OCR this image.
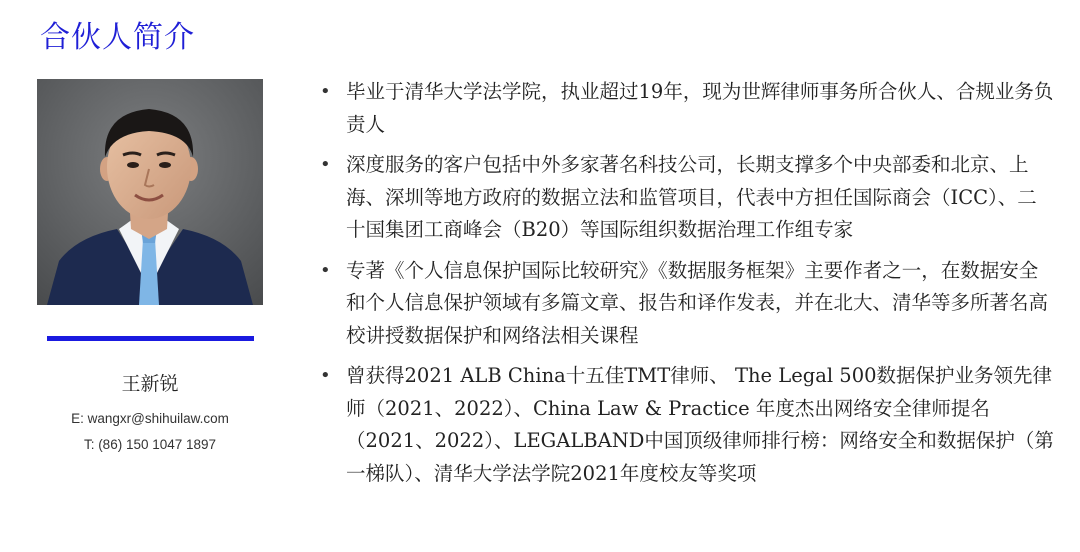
合伙人简介
王新锐
E: wangxr@shihuilaw.com
T: (86) 150 1047 1897
• 毕业于清华大学法学院，执业超过19年，现为世辉律师事务所合伙人、合规业务负责人
• 深度服务的客户包括中外多家著名科技公司，长期支撑多个中央部委和北京、上海、深圳等地方政府的数据立法和监管项目，代表中方担任国际商会（ICC）、二十国集团工商峰会（B20）等国际组织数据治理工作组专家
• 专著《个人信息保护国际比较研究》《数据服务框架》主要作者之一，在数据安全和个人信息保护领域有多篇文章、报告和译作发表，并在北大、清华等多所著名高校讲授数据保护和网络法相关课程
• 曾获得2021 ALB China十五佳TMT律师、 The Legal 500数据保护业务领先律师（2021、2022）、China Law & Practice 年度杰出网络安全律师提名（2021、2022）、LEGALBAND中国顶级律师排行榜：网络安全和数据保护（第一梯队）、清华大学法学院2021年度校友等奖项
